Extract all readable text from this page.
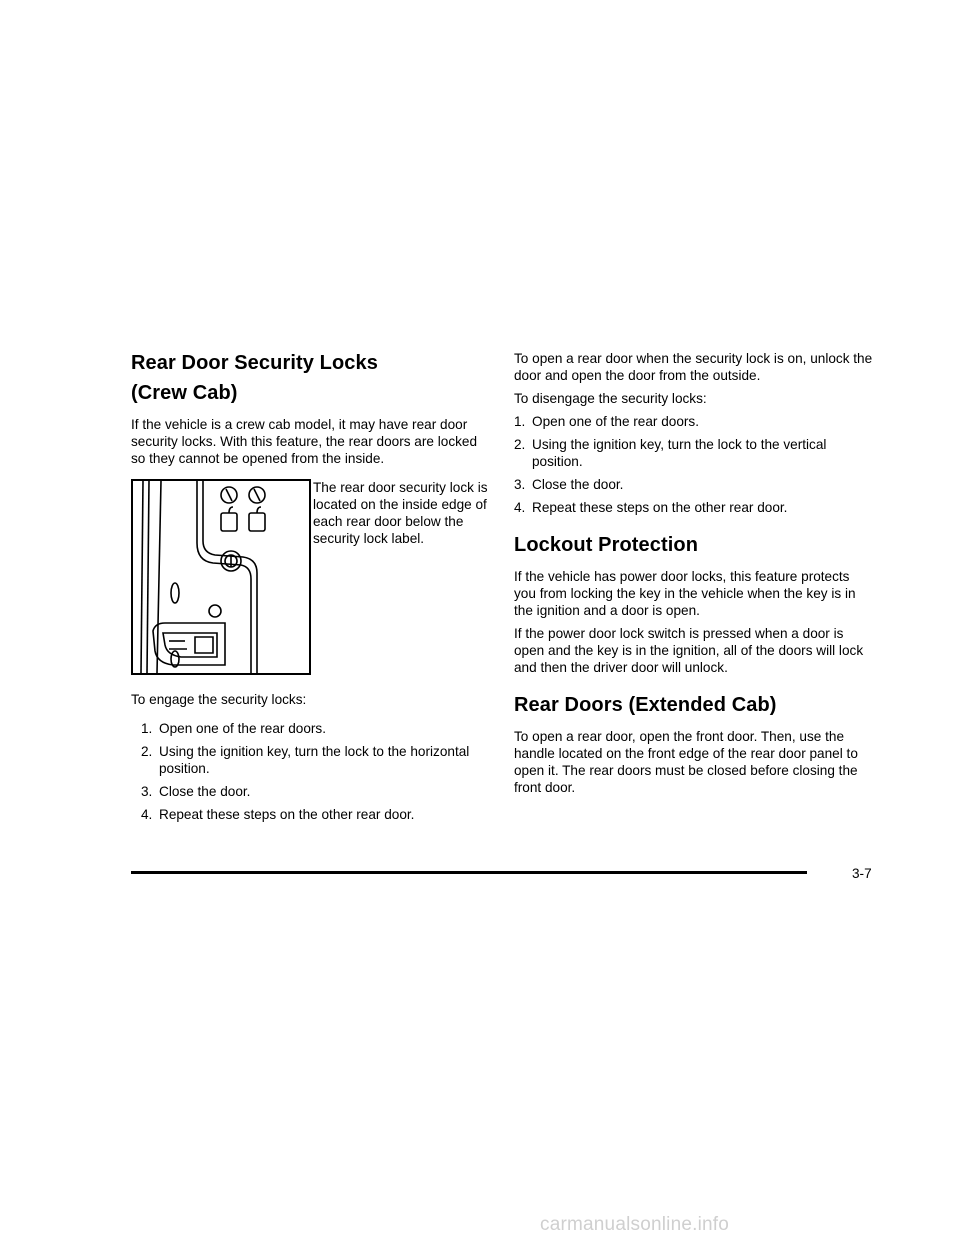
Rear Door Security Locks
(Crew Cab)

If the vehicle is a crew cab model, it may have rear door security locks. With this feature, the rear doors are locked so they cannot be opened from the inside.

The rear door security lock is located on the inside edge of each rear door below the security lock label.

To engage the security locks:

1. Open one of the rear doors.
2. Using the ignition key, turn the lock to the horizontal position.
3. Close the door.
4. Repeat these steps on the other rear door.

To open a rear door when the security lock is on, unlock the door and open the door from the outside.

To disengage the security locks:

1. Open one of the rear doors.
2. Using the ignition key, turn the lock to the vertical position.
3. Close the door.
4. Repeat these steps on the other rear door.
Lockout Protection

If the vehicle has power door locks, this feature protects you from locking the key in the vehicle when the key is in the ignition and a door is open.

If the power door lock switch is pressed when a door is open and the key is in the ignition, all of the doors will lock and then the driver door will unlock.

Rear Doors (Extended Cab)

To open a rear door, open the front door. Then, use the handle located on the front edge of the rear door panel to open it. The rear doors must be closed before closing the front door.

3-7
carmanualsonline.info
